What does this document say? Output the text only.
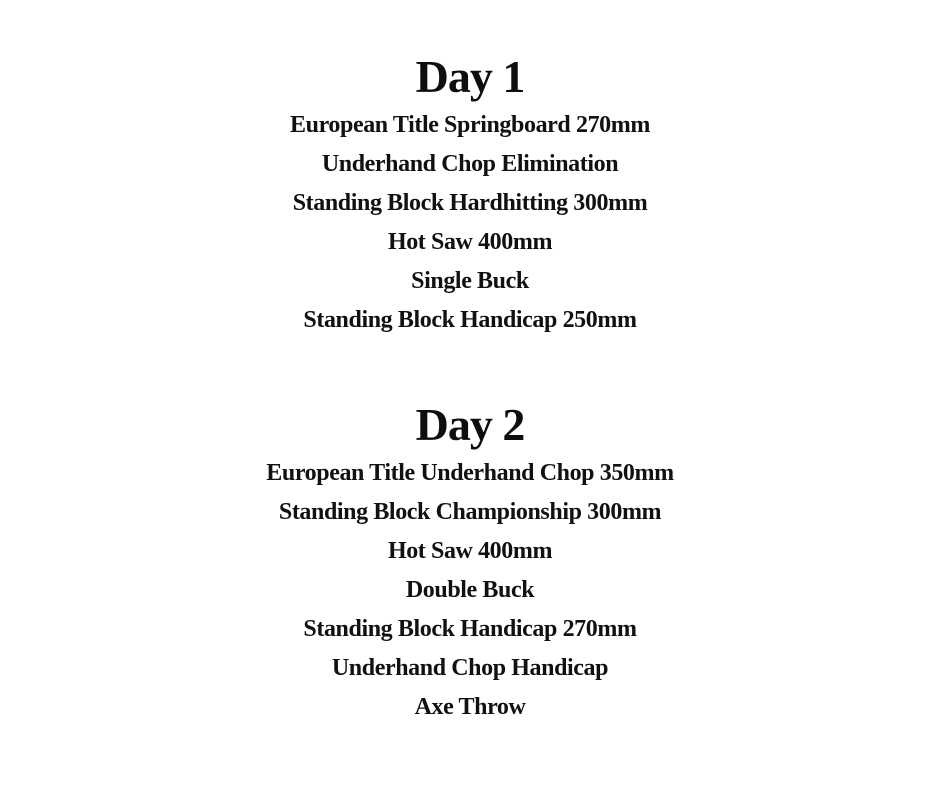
Day 1
European Title Springboard 270mm
Underhand Chop Elimination
Standing Block Hardhitting 300mm
Hot Saw 400mm
Single Buck
Standing Block Handicap 250mm
Day 2
European Title Underhand Chop 350mm
Standing Block Championship 300mm
Hot Saw 400mm
Double Buck
Standing Block Handicap 270mm
Underhand Chop Handicap
Axe Throw
